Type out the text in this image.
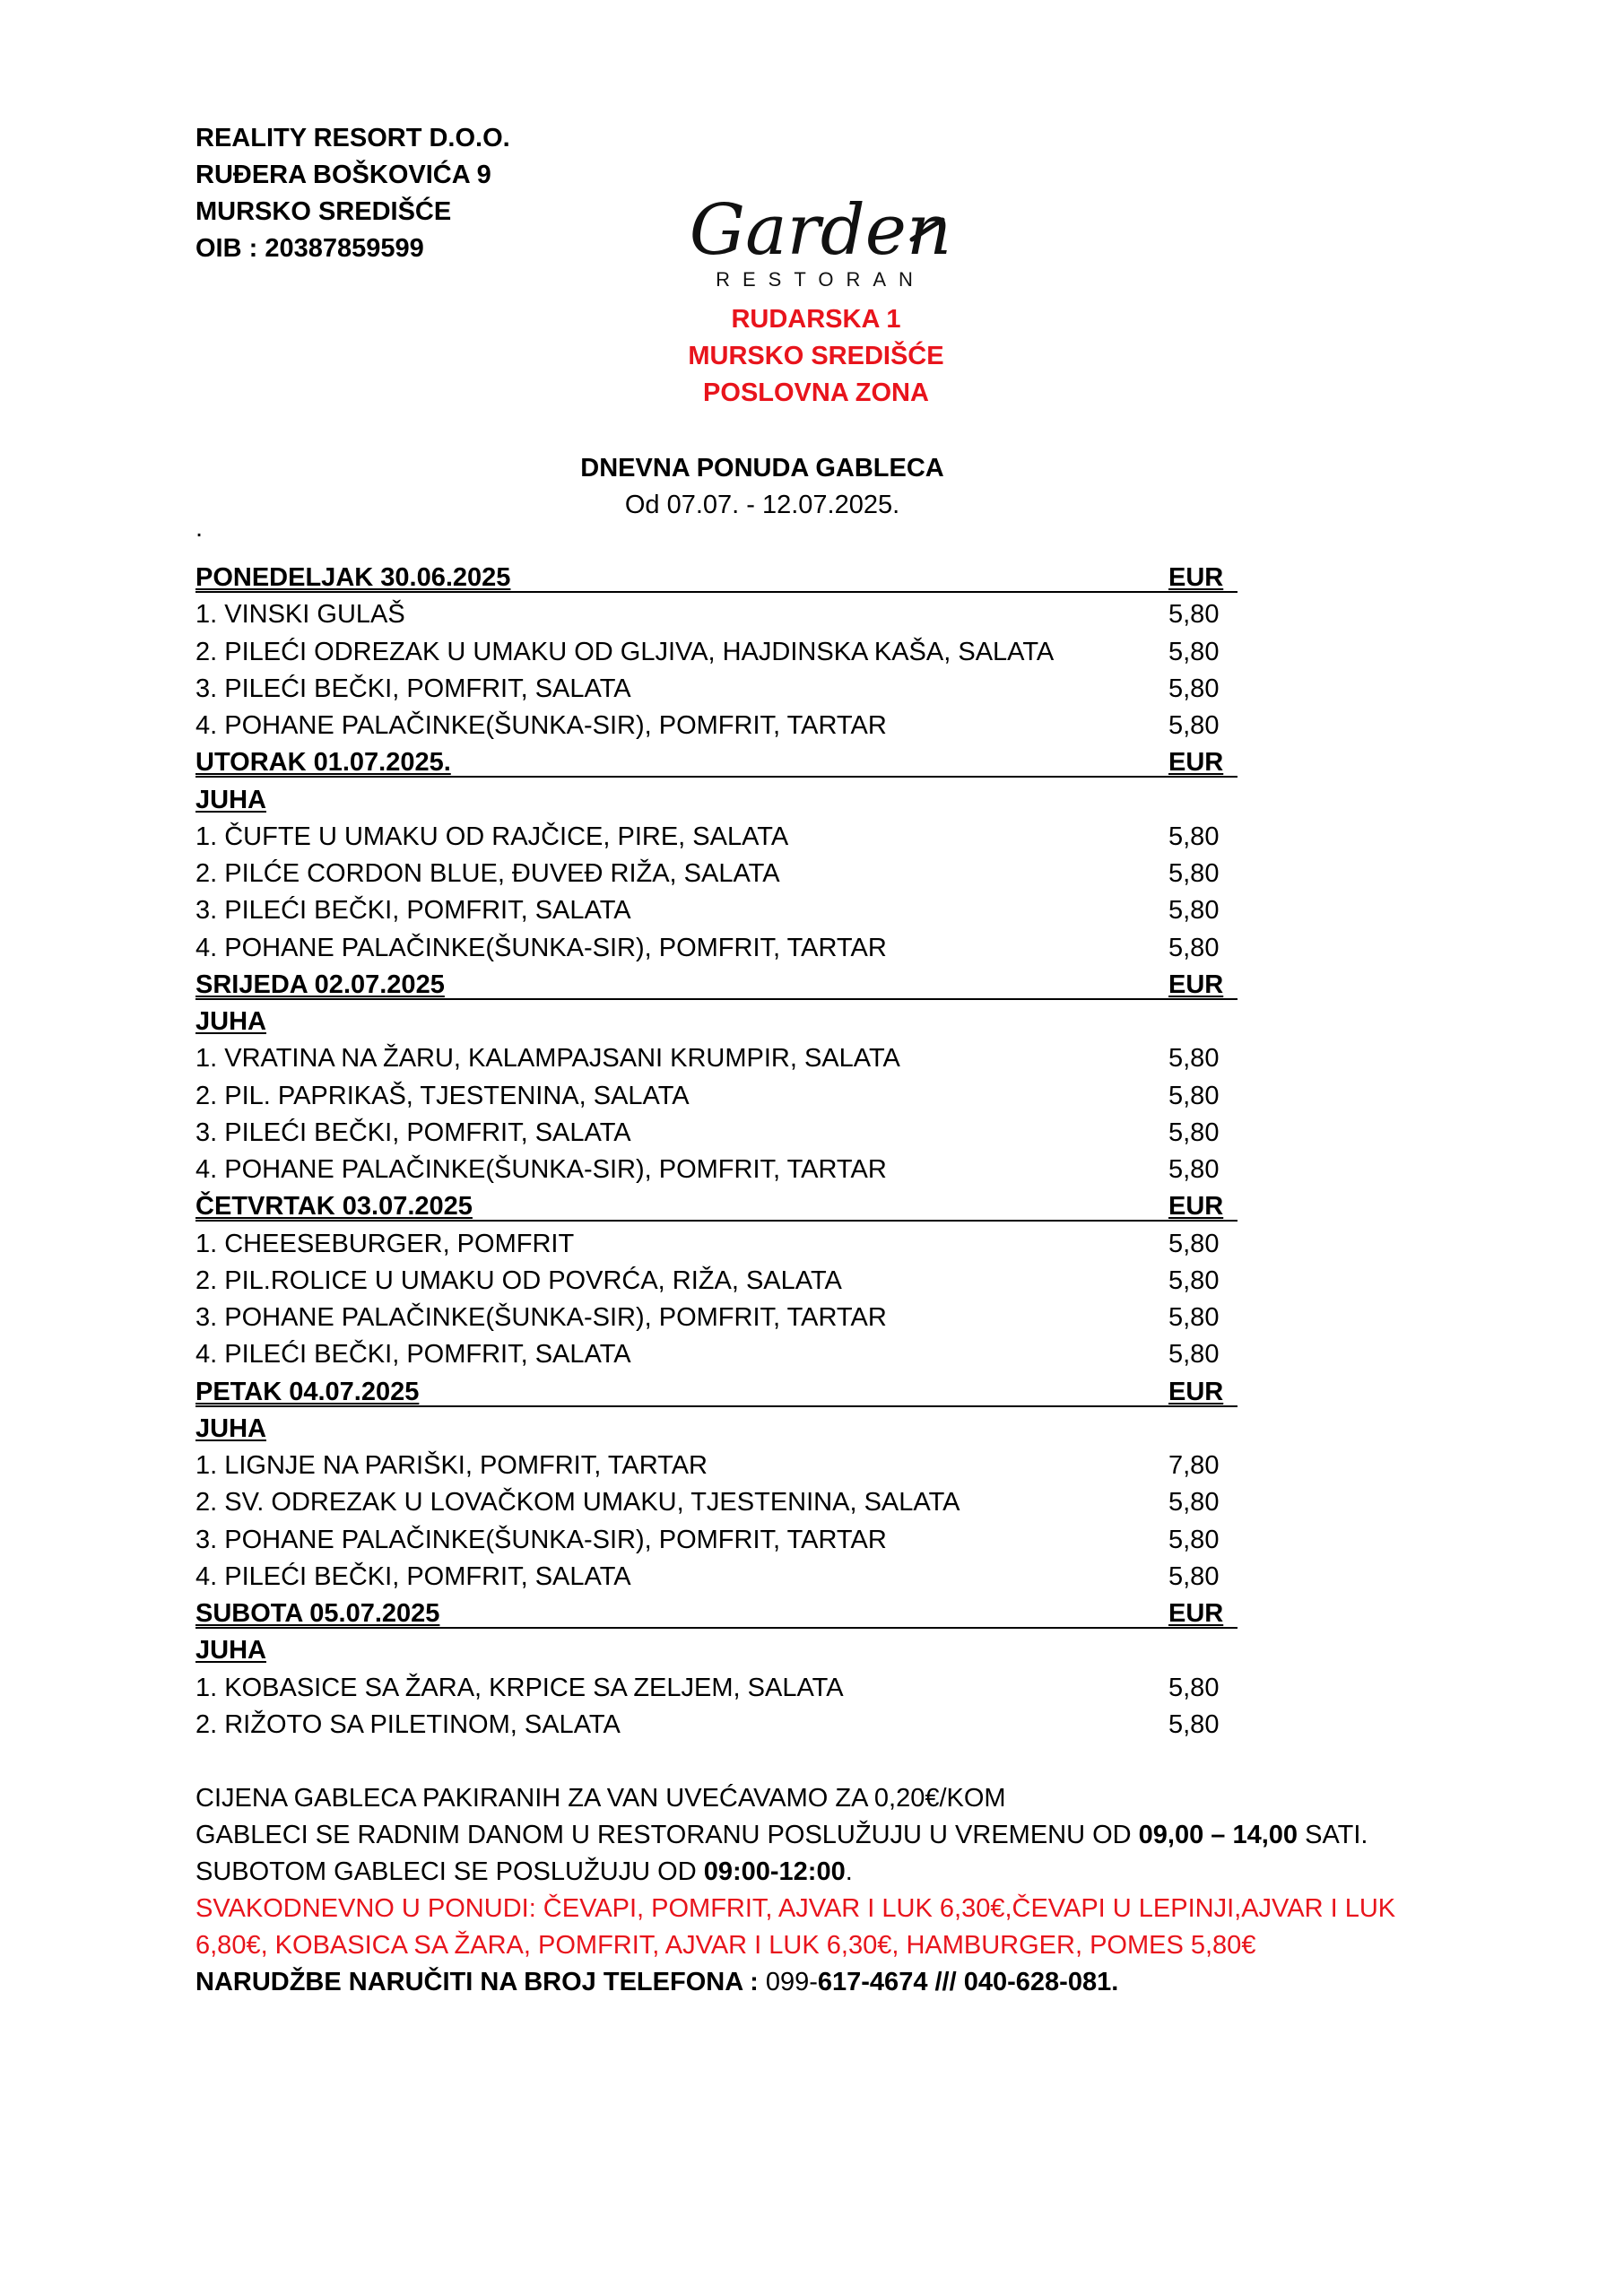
REALITY RESORT D.O.O.
RUĐERA BOŠKOVIĆA 9
MURSKO SREDIŠĆE
OIB : 20387859599	Garden
RESTORAN
RUDARSKA 1
MURSKO SREDIŠĆE
POSLOVNA ZONA
DNEVNA PONUDA GABLECA
Od 07.07. - 12.07.2025.
.
PONEDELJAK 30.06.2025	EUR
1. VINSKI GULAŠ	5,80
2. PILEĆI ODREZAK U UMAKU OD GLJIVA, HAJDINSKA KAŠA, SALATA	5,80
3. PILEĆI BEČKI, POMFRIT, SALATA	5,80
4. POHANE PALAČINKE(ŠUNKA-SIR), POMFRIT, TARTAR	5,80
UTORAK 01.07.2025.	EUR
JUHA
1. ČUFTE U UMAKU OD RAJČICE, PIRE, SALATA	5,80
2. PILĆE CORDON BLUE, ĐUVEĐ RIŽA, SALATA	5,80
3. PILEĆI BEČKI, POMFRIT, SALATA	5,80
4. POHANE PALAČINKE(ŠUNKA-SIR), POMFRIT, TARTAR	5,80
SRIJEDA 02.07.2025	EUR
JUHA
1. VRATINA NA ŽARU, KALAMPAJSANI KRUMPIR, SALATA	5,80
2. PIL. PAPRIKAŠ, TJESTENINA, SALATA	5,80
3. PILEĆI BEČKI, POMFRIT, SALATA	5,80
4. POHANE PALAČINKE(ŠUNKA-SIR), POMFRIT, TARTAR	5,80
ČETVRTAK 03.07.2025	EUR
1. CHEESEBURGER, POMFRIT	5,80
2. PIL.ROLICE U UMAKU OD POVRĆA, RIŽA, SALATA	5,80
3. POHANE PALAČINKE(ŠUNKA-SIR), POMFRIT, TARTAR	5,80
4. PILEĆI BEČKI, POMFRIT, SALATA	5,80
PETAK 04.07.2025	EUR
JUHA
1. LIGNJE NA PARIŠKI, POMFRIT, TARTAR	7,80
2. SV. ODREZAK U LOVAČKOM UMAKU, TJESTENINA, SALATA	5,80
3. POHANE PALAČINKE(ŠUNKA-SIR), POMFRIT, TARTAR	5,80
4. PILEĆI BEČKI, POMFRIT, SALATA	5,80
SUBOTA 05.07.2025	EUR
JUHA
1. KOBASICE SA ŽARA, KRPICE SA ZELJEM, SALATA	5,80
2. RIŽOTO SA PILETINOM, SALATA	5,80
CIJENA GABLECA PAKIRANIH ZA VAN UVEĆAVAMO ZA 0,20€/KOM
GABLECI SE RADNIM DANOM U RESTORANU POSLUŽUJU U VREMENU OD 09,00 – 14,00 SATI.
SUBOTOM GABLECI SE POSLUŽUJU OD 09:00-12:00.
SVAKODNEVNO U PONUDI: ČEVAPI, POMFRIT, AJVAR I LUK 6,30€,ČEVAPI U LEPINJI,AJVAR I LUK
6,80€, KOBASICA SA ŽARA, POMFRIT, AJVAR I LUK 6,30€, HAMBURGER, POMES 5,80€
NARUDŽBE NARUČITI NA BROJ TELEFONA : 099-617-4674 /// 040-628-081.
